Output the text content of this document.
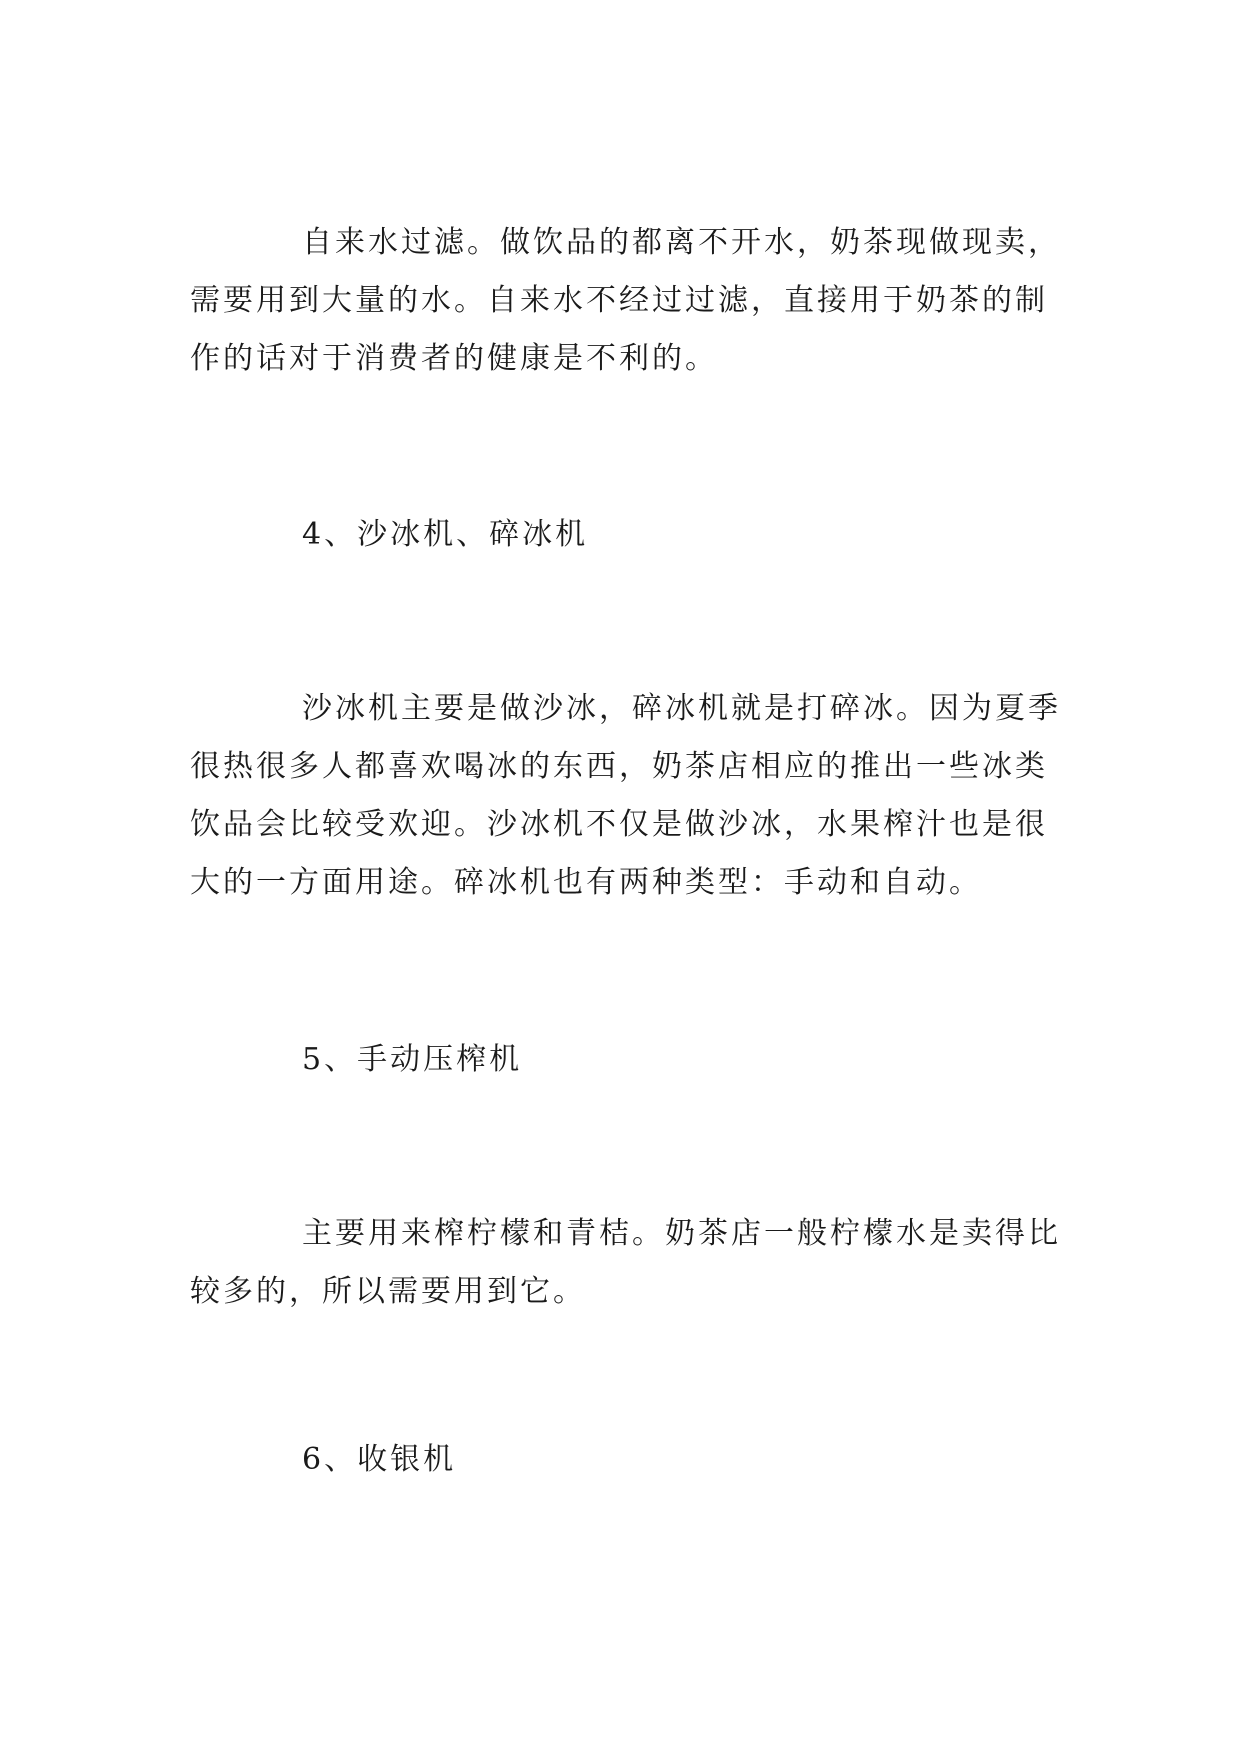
自来水过滤。做饮品的都离不开水，奶茶现做现卖，
需要用到大量的水。自来水不经过过滤，直接用于奶茶的制
作的话对于消费者的健康是不利的。

4、沙冰机、碎冰机

沙冰机主要是做沙冰，碎冰机就是打碎冰。因为夏季
很热很多人都喜欢喝冰的东西，奶茶店相应的推出一些冰类
饮品会比较受欢迎。沙冰机不仅是做沙冰，水果榨汁也是很
大的一方面用途。碎冰机也有两种类型：手动和自动。

5、手动压榨机

主要用来榨柠檬和青桔。奶茶店一般柠檬水是卖得比
较多的，所以需要用到它。

6、收银机
